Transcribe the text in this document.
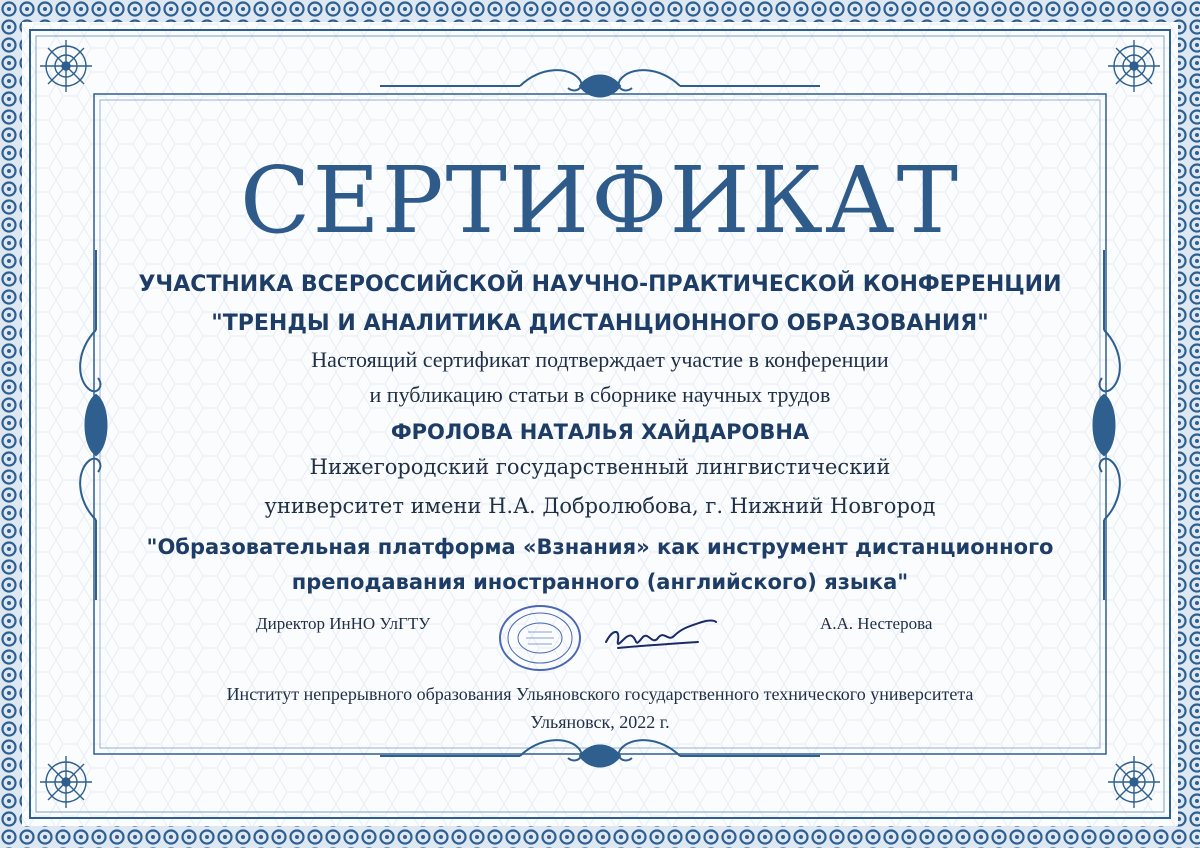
СЕРТИФИКАТ
УЧАСТНИКА ВСЕРОССИЙСКОЙ НАУЧНО-ПРАКТИЧЕСКОЙ КОНФЕРЕНЦИИ
"ТРЕНДЫ И АНАЛИТИКА ДИСТАНЦИОННОГО ОБРАЗОВАНИЯ"
Настоящий сертификат подтверждает участие в конференции
и публикацию статьи в сборнике научных трудов
ФРОЛОВА НАТАЛЬЯ ХАЙДАРОВНА
Нижегородский государственный лингвистический
университет имени Н.А. Добролюбова, г. Нижний Новгород
"Образовательная платформа «Взнания» как инструмент дистанционного
преподавания иностранного (английского) языка"
Директор ИнНО УлГТУ	А.А. Нестерова
Институт непрерывного образования Ульяновского государственного технического университета
Ульяновск, 2022 г.
